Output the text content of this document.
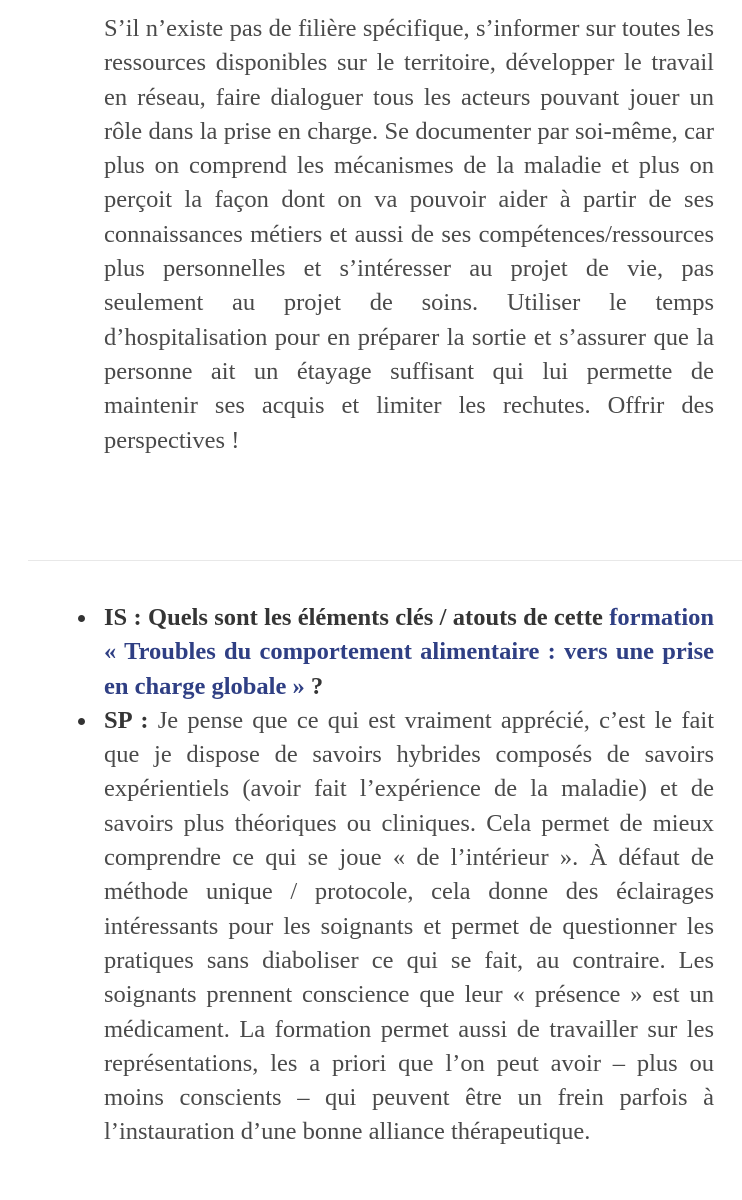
S’il n’existe pas de filière spécifique, s’informer sur toutes les ressources disponibles sur le territoire, développer le travail en réseau, faire dialoguer tous les acteurs pouvant jouer un rôle dans la prise en charge. Se documenter par soi-même, car plus on comprend les mécanismes de la maladie et plus on perçoit la façon dont on va pouvoir aider à partir de ses connaissances métiers et aussi de ses compétences/ressources plus personnelles et s’intéresser au projet de vie, pas seulement au projet de soins. Utiliser le temps d’hospitalisation pour en préparer la sortie et s’assurer que la personne ait un étayage suffisant qui lui permette de maintenir ses acquis et limiter les rechutes. Offrir des perspectives !

IS : Quels sont les éléments clés / atouts de cette formation « Troubles du comportement alimentaire : vers une prise en charge globale » ?
SP : Je pense que ce qui est vraiment apprécié, c’est le fait que je dispose de savoirs hybrides composés de savoirs expérientiels (avoir fait l’expérience de la maladie) et de savoirs plus théoriques ou cliniques. Cela permet de mieux comprendre ce qui se joue « de l’intérieur ». À défaut de méthode unique / protocole, cela donne des éclairages intéressants pour les soignants et permet de questionner les pratiques sans diaboliser ce qui se fait, au contraire. Les soignants prennent conscience que leur « présence » est un médicament. La formation permet aussi de travailler sur les représentations, les a priori que l’on peut avoir – plus ou moins conscients – qui peuvent être un frein parfois à l’instauration d’une bonne alliance thérapeutique.
